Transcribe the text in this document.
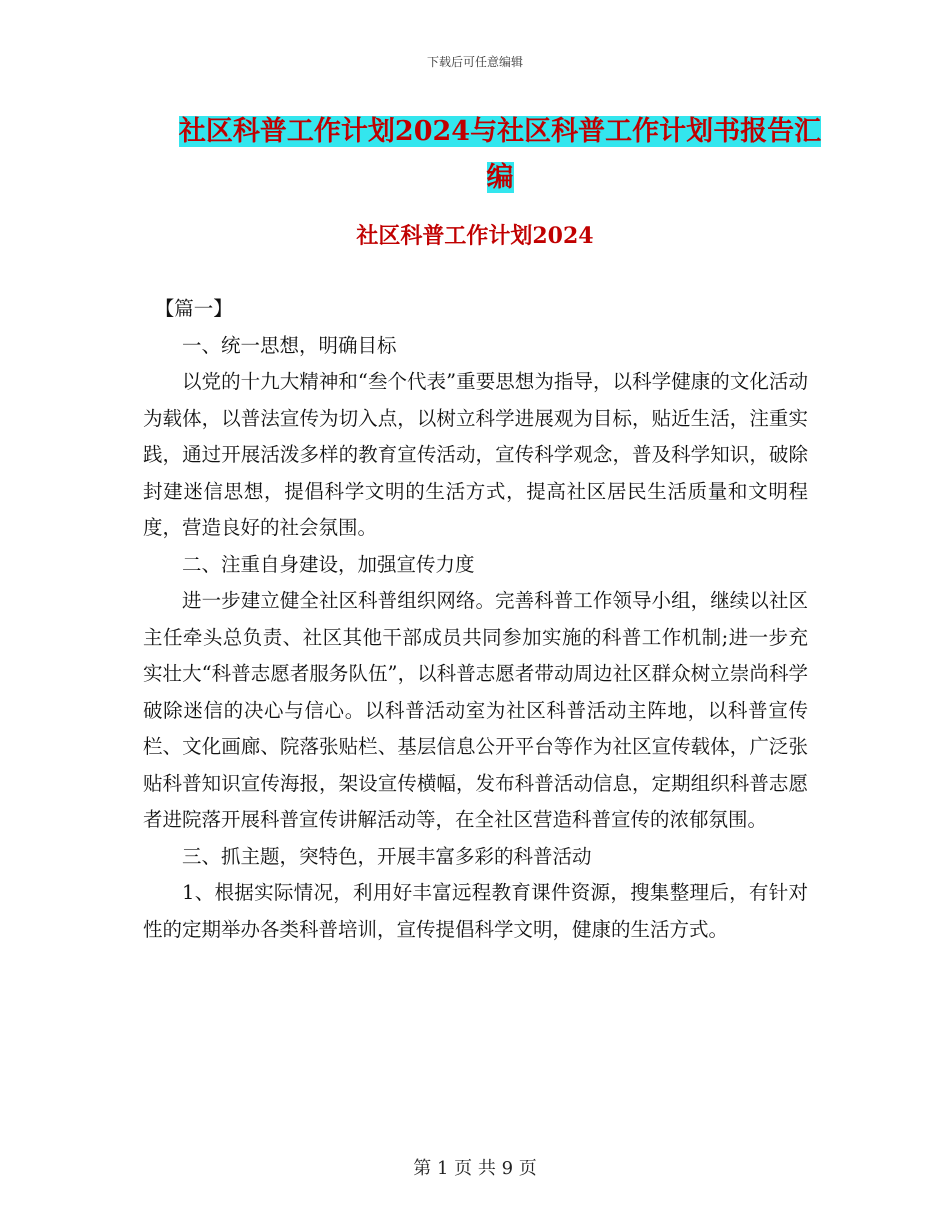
下载后可任意编辑
社区科普工作计划2024与社区科普工作计划书报告汇
编
社区科普工作计划2024

【篇一】

一、统一思想，明确目标

以党的十九大精神和“叁个代表”重要思想为指导，以科学健康的文化活动为载体，以普法宣传为切入点，以树立科学进展观为目标，贴近生活，注重实践，通过开展活泼多样的教育宣传活动，宣传科学观念，普及科学知识，破除封建迷信思想，提倡科学文明的生活方式，提高社区居民生活质量和文明程度，营造良好的社会氛围。

二、注重自身建设，加强宣传力度

进一步建立健全社区科普组织网络。完善科普工作领导小组，继续以社区主任牵头总负责、社区其他干部成员共同参加实施的科普工作机制;进一步充实壮大“科普志愿者服务队伍”，以科普志愿者带动周边社区群众树立崇尚科学破除迷信的决心与信心。以科普活动室为社区科普活动主阵地，以科普宣传栏、文化画廊、院落张贴栏、基层信息公开平台等作为社区宣传载体，广泛张贴科普知识宣传海报，架设宣传横幅，发布科普活动信息，定期组织科普志愿者进院落开展科普宣传讲解活动等，在全社区营造科普宣传的浓郁氛围。

三、抓主题，突特色，开展丰富多彩的科普活动

1、根据实际情况，利用好丰富远程教育课件资源，搜集整理后，有针对性的定期举办各类科普培训，宣传提倡科学文明，健康的生活方式。

第 1 页 共 9 页
